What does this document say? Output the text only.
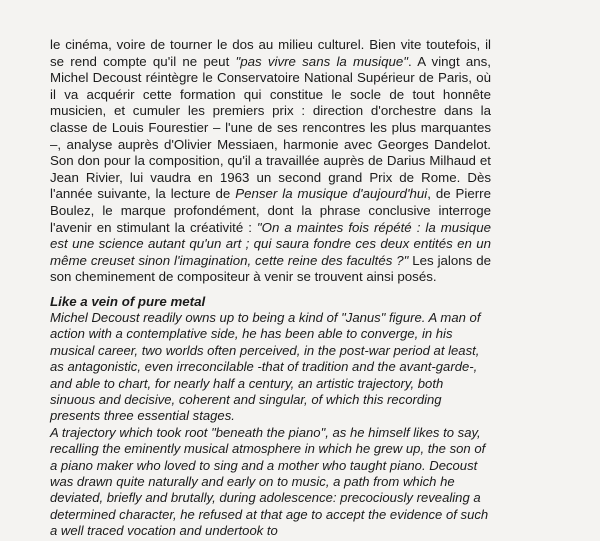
le cinéma, voire de tourner le dos au milieu culturel. Bien vite toutefois, il se rend compte qu'il ne peut "pas vivre sans la musique". A vingt ans, Michel Decoust réintègre le Conservatoire National Supérieur de Paris, où il va acquérir cette formation qui constitue le socle de tout honnête musicien, et cumuler les premiers prix : direction d'orchestre dans la classe de Louis Fourestier – l'une de ses rencontres les plus marquantes –, analyse auprès d'Olivier Messiaen, harmonie avec Georges Dandelot. Son don pour la composition, qu'il a travaillée auprès de Darius Milhaud et Jean Rivier, lui vaudra en 1963 un second grand Prix de Rome. Dès l'année suivante, la lecture de Penser la musique d'aujourd'hui, de Pierre Boulez, le marque profondément, dont la phrase conclusive interroge l'avenir en stimulant la créativité : "On a maintes fois répété : la musique est une science autant qu'un art ; qui saura fondre ces deux entités en un même creuset sinon l'imagination, cette reine des facultés ?" Les jalons de son cheminement de compositeur à venir se trouvent ainsi posés.

Like a vein of pure metal

Michel Decoust readily owns up to being a kind of "Janus" figure. A man of action with a contemplative side, he has been able to converge, in his musical career, two worlds often perceived, in the post-war period at least, as antagonistic, even irreconcilable -that of tradition and the avant-garde-, and able to chart, for nearly half a century, an artistic trajectory, both sinuous and decisive, coherent and singular, of which this recording presents three essential stages.

A trajectory which took root "beneath the piano", as he himself likes to say, recalling the eminently musical atmosphere in which he grew up, the son of a piano maker who loved to sing and a mother who taught piano. Decoust was drawn quite naturally and early on to music, a path from which he deviated, briefly and brutally, during adolescence: precociously revealing a determined character, he refused at that age to accept the evidence of such a well traced vocation and undertook to
